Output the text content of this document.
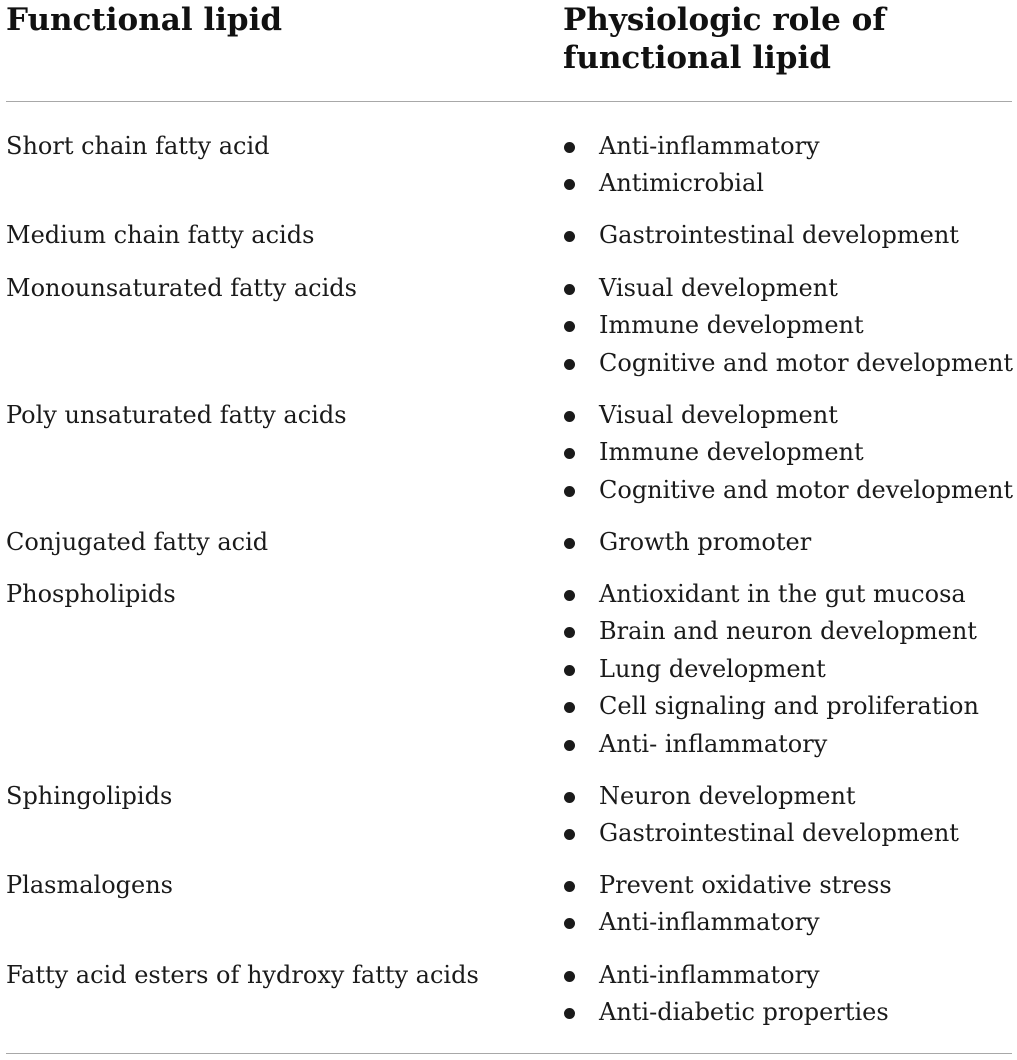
Functional lipid	Physiologic role of functional lipid
Short chain fatty acid	Anti-inflammatory
Antimicrobial
Medium chain fatty acids	Gastrointestinal development
Monounsaturated fatty acids	Visual development
Immune development
Cognitive and motor development
Poly unsaturated fatty acids	Visual development
Immune development
Cognitive and motor development
Conjugated fatty acid	Growth promoter
Phospholipids	Antioxidant in the gut mucosa
Brain and neuron development
Lung development
Cell signaling and proliferation
Anti- inflammatory
Sphingolipids	Neuron development
Gastrointestinal development
Plasmalogens	Prevent oxidative stress
Anti-inflammatory
Fatty acid esters of hydroxy fatty acids	Anti-inflammatory
Anti-diabetic properties
